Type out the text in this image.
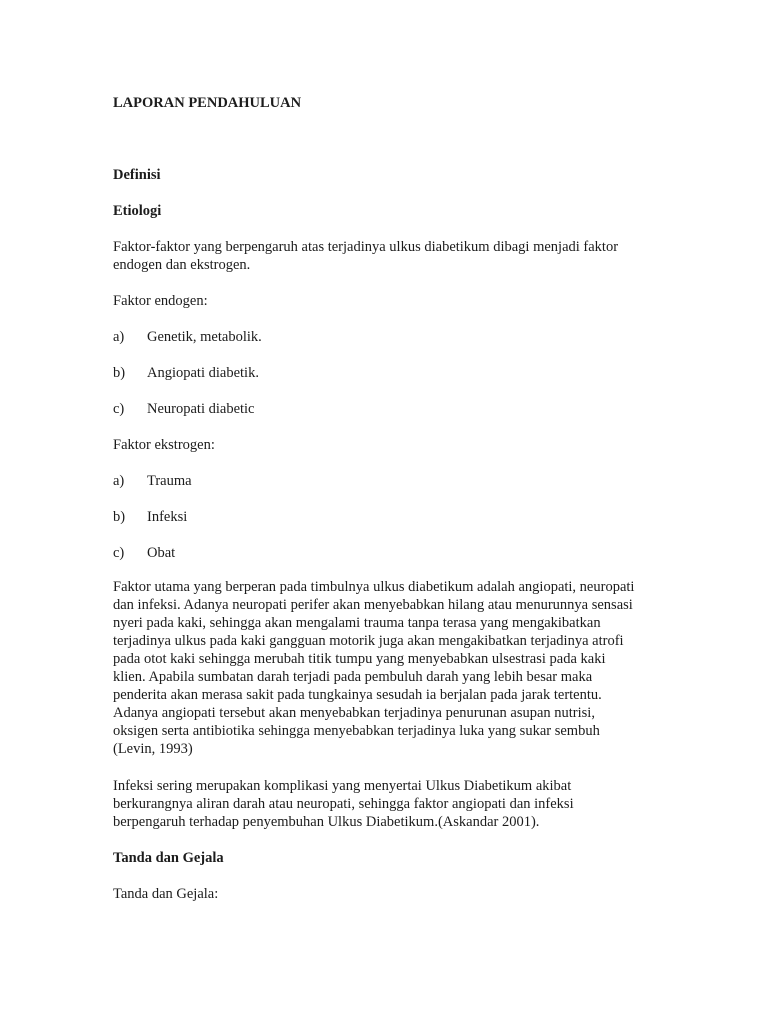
LAPORAN PENDAHULUAN
Definisi
Etiologi
Faktor-faktor yang berpengaruh atas terjadinya ulkus diabetikum dibagi menjadi faktor
endogen dan ekstrogen.
Faktor endogen:
a) Genetik, metabolik.
b) Angiopati diabetik.
c) Neuropati diabetic
Faktor ekstrogen:
a) Trauma
b) Infeksi
c) Obat
Faktor utama yang berperan pada timbulnya ulkus diabetikum adalah angiopati, neuropati
dan infeksi. Adanya neuropati perifer akan menyebabkan hilang atau menurunnya sensasi
nyeri pada kaki, sehingga akan mengalami trauma tanpa terasa yang mengakibatkan
terjadinya ulkus pada kaki gangguan motorik juga akan mengakibatkan terjadinya atrofi
pada otot kaki sehingga merubah titik tumpu yang menyebabkan ulsestrasi pada kaki
klien. Apabila sumbatan darah terjadi pada pembuluh darah yang lebih besar maka
penderita akan merasa sakit pada tungkainya sesudah ia berjalan pada jarak tertentu.
Adanya angiopati tersebut akan menyebabkan terjadinya penurunan asupan nutrisi,
oksigen serta antibiotika sehingga menyebabkan terjadinya luka yang sukar sembuh
(Levin, 1993)
Infeksi sering merupakan komplikasi yang menyertai Ulkus Diabetikum akibat
berkurangnya aliran darah atau neuropati, sehingga faktor angiopati dan infeksi
berpengaruh terhadap penyembuhan Ulkus Diabetikum.(Askandar 2001).
Tanda dan Gejala
Tanda dan Gejala:
